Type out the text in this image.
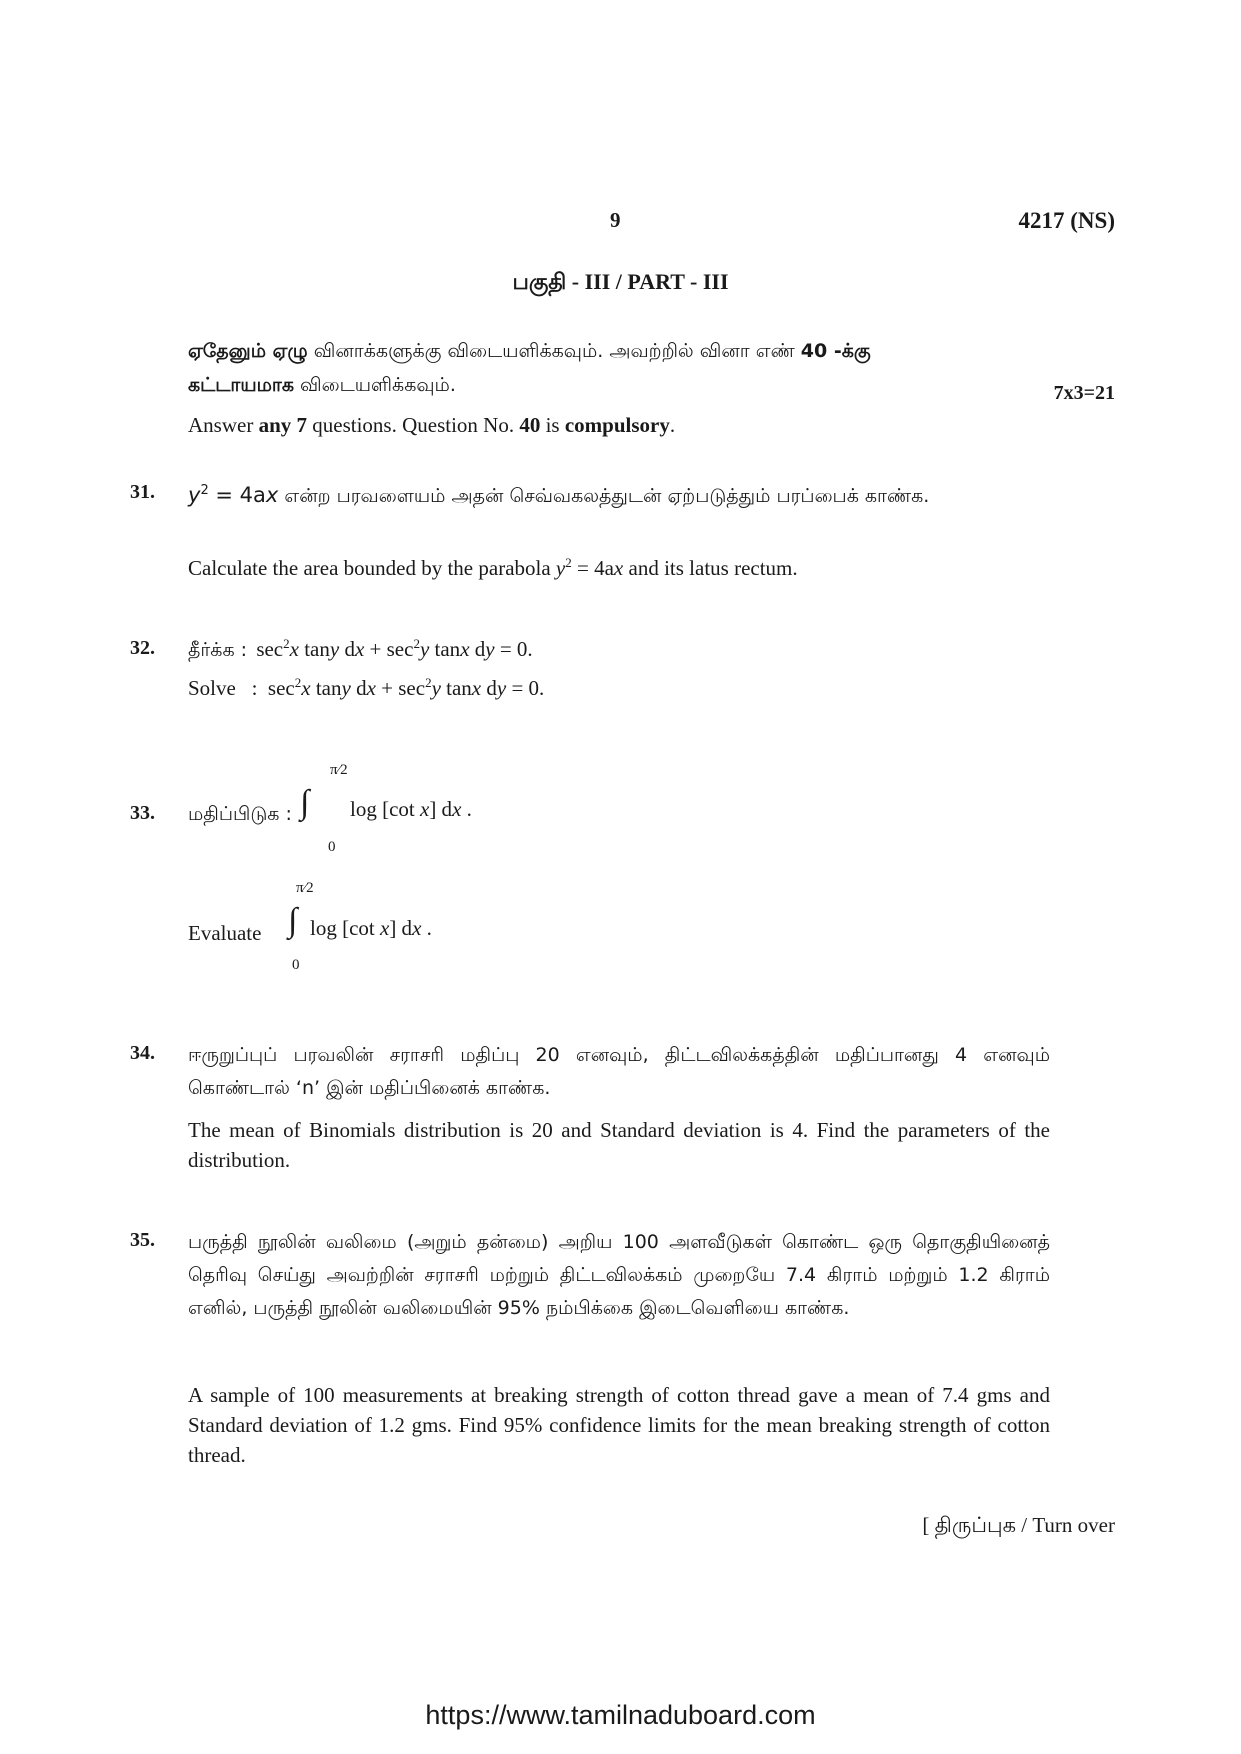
9	4217 (NS)
பகுதி - III / PART - III
ஏதேனும் ஏழு வினாக்களுக்கு விடையளிக்கவும். அவற்றில் வினா எண் 40 -க்கு
கட்டாயமாக விடையளிக்கவும்.	7x3=21
Answer any 7 questions. Question No. 40 is compulsory.
31. $y^2 = 4ax$ என்ற பரவளையம் அதன் செவ்வகலத்துடன் ஏற்படுத்தும் பரப்பைக் காண்க.
Calculate the area bounded by the parabola $y^2 = 4ax$ and its latus rectum.
32. தீர்க்க :  $\sec^2x$ tany dx + $\sec^2y$ tanx dy = 0.
Solve   :  $\sec^2x$ tany dx + $\sec^2y$ tanx dy = 0.
33. மதிப்பிடுக :
π⁄2
∫ log [cot x] dx .
0
Evaluate
π⁄2
∫ log [cot x] dx .
0
34. ஈருறுப்புப் பரவலின் சராசரி மதிப்பு 20 எனவும், திட்டவிலக்கத்தின் மதிப்பானது 4 எனவும் கொண்டால் ‘n’ இன் மதிப்பினைக் காண்க.
The mean of Binomials distribution is 20 and Standard deviation is 4. Find the parameters of the distribution.
35. பருத்தி நூலின் வலிமை (அறும் தன்மை) அறிய 100 அளவீடுகள் கொண்ட ஒரு தொகுதியினைத் தெரிவு செய்து அவற்றின் சராசரி மற்றும் திட்டவிலக்கம் முறையே 7.4 கிராம் மற்றும் 1.2 கிராம் எனில், பருத்தி நூலின் வலிமையின் 95% நம்பிக்கை இடைவெளியை காண்க.
A sample of 100 measurements at breaking strength of cotton thread gave a mean of 7.4 gms and Standard deviation of 1.2 gms. Find 95% confidence limits for the mean breaking strength of cotton thread.
[ திருப்புக / Turn over
https://www.tamilnaduboard.com
